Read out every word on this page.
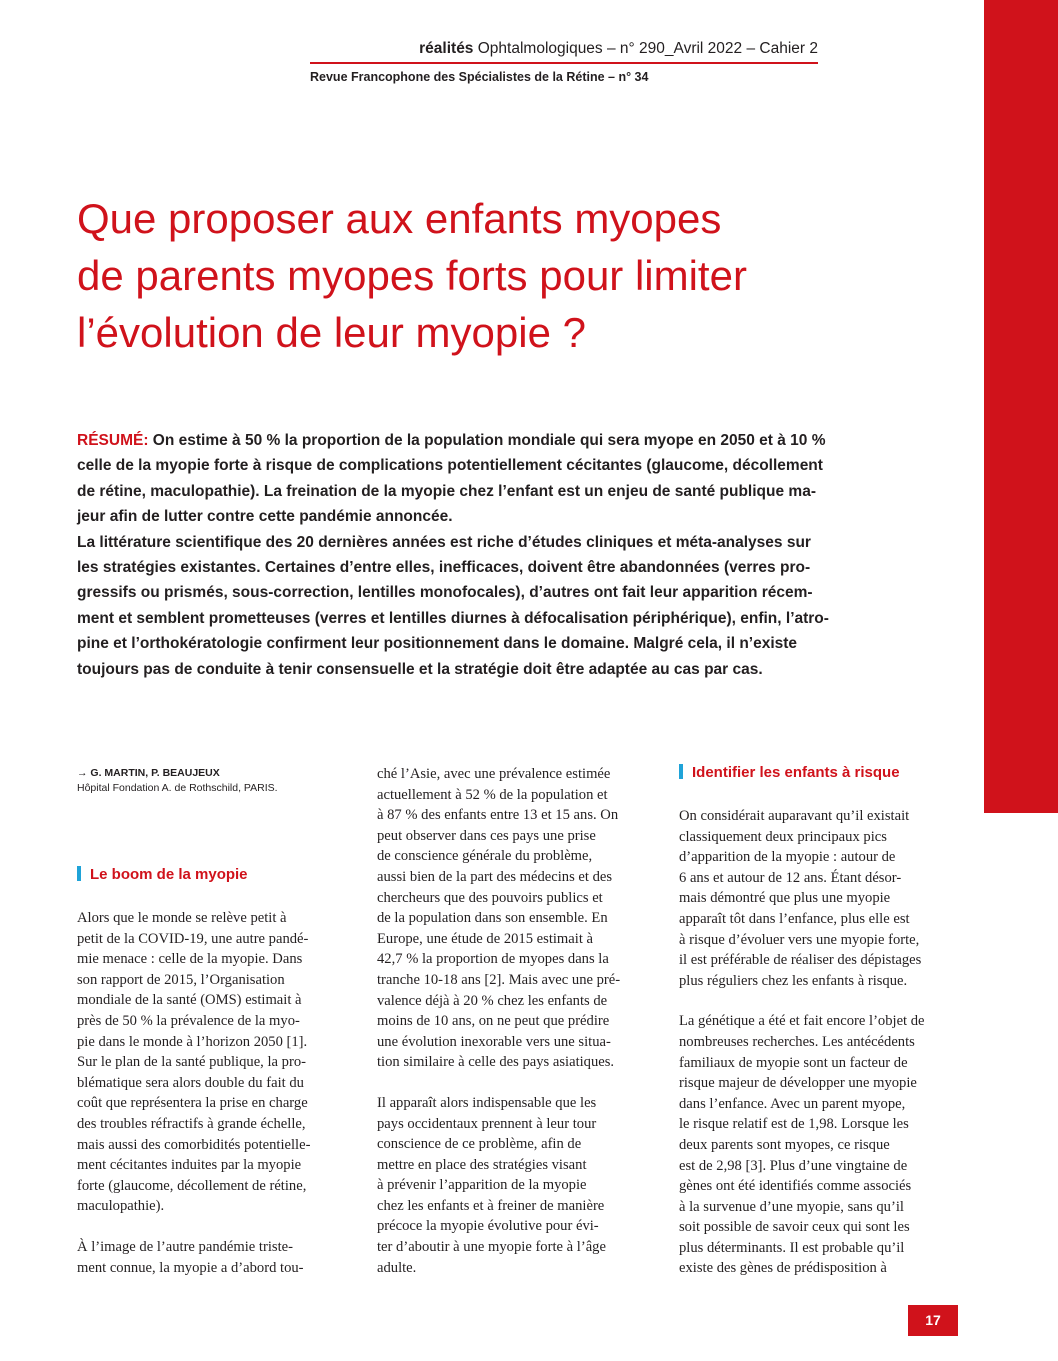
réalités Ophtalmologiques – n° 290_Avril 2022 – Cahier 2
Revue Francophone des Spécialistes de la Rétine – n° 34
Que proposer aux enfants myopes
de parents myopes forts pour limiter
l’évolution de leur myopie ?
RÉSUMÉ: On estime à 50 % la proportion de la population mondiale qui sera myope en 2050 et à 10 %
celle de la myopie forte à risque de complications potentiellement cécitantes (glaucome, décollement
de rétine, maculopathie). La freination de la myopie chez l’enfant est un enjeu de santé publique ma-
jeur afin de lutter contre cette pandémie annoncée.
La littérature scientifique des 20 dernières années est riche d’études cliniques et méta-analyses sur
les stratégies existantes. Certaines d’entre elles, inefficaces, doivent être abandonnées (verres pro-
gressifs ou prismés, sous-correction, lentilles monofocales), d’autres ont fait leur apparition récem-
ment et semblent prometteuses (verres et lentilles diurnes à défocalisation périphérique), enfin, l’atro-
pine et l’orthokératologie confirment leur positionnement dans le domaine. Malgré cela, il n’existe
toujours pas de conduite à tenir consensuelle et la stratégie doit être adaptée au cas par cas.
→ G. MARTIN, P. BEAUJEUX
Hôpital Fondation A. de Rothschild, PARIS.
Le boom de la myopie
Alors que le monde se relève petit à
petit de la COVID-19, une autre pandé-
mie menace : celle de la myopie. Dans
son rapport de 2015, l’Organisation
mondiale de la santé (OMS) estimait à
près de 50 % la prévalence de la myo-
pie dans le monde à l’horizon 2050 [1].
Sur le plan de la santé publique, la pro-
blématique sera alors double du fait du
coût que représentera la prise en charge
des troubles réfractifs à grande échelle,
mais aussi des comorbidités potentielle-
ment cécitantes induites par la myopie
forte (glaucome, décollement de rétine,
maculopathie).
À l’image de l’autre pandémie triste-
ment connue, la myopie a d’abord tou-
ché l’Asie, avec une prévalence estimée
actuellement à 52 % de la population et
à 87 % des enfants entre 13 et 15 ans. On
peut observer dans ces pays une prise
de conscience générale du problème,
aussi bien de la part des médecins et des
chercheurs que des pouvoirs publics et
de la population dans son ensemble. En
Europe, une étude de 2015 estimait à
42,7 % la proportion de myopes dans la
tranche 10-18 ans [2]. Mais avec une pré-
valence déjà à 20 % chez les enfants de
moins de 10 ans, on ne peut que prédire
une évolution inexorable vers une situa-
tion similaire à celle des pays asiatiques.
Il apparaît alors indispensable que les
pays occidentaux prennent à leur tour
conscience de ce problème, afin de
mettre en place des stratégies visant
à prévenir l’apparition de la myopie
chez les enfants et à freiner de manière
précoce la myopie évolutive pour évi-
ter d’aboutir à une myopie forte à l’âge
adulte.
Identifier les enfants à risque
On considérait auparavant qu’il existait
classiquement deux principaux pics
d’apparition de la myopie : autour de
6 ans et autour de 12 ans. Étant désor-
mais démontré que plus une myopie
apparaît tôt dans l’enfance, plus elle est
à risque d’évoluer vers une myopie forte,
il est préférable de réaliser des dépistages
plus réguliers chez les enfants à risque.
La génétique a été et fait encore l’objet de
nombreuses recherches. Les antécédents
familiaux de myopie sont un facteur de
risque majeur de développer une myopie
dans l’enfance. Avec un parent myope,
le risque relatif est de 1,98. Lorsque les
deux parents sont myopes, ce risque
est de 2,98 [3]. Plus d’une vingtaine de
gènes ont été identifiés comme associés
à la survenue d’une myopie, sans qu’il
soit possible de savoir ceux qui sont les
plus déterminants. Il est probable qu’il
existe des gènes de prédisposition à
17
